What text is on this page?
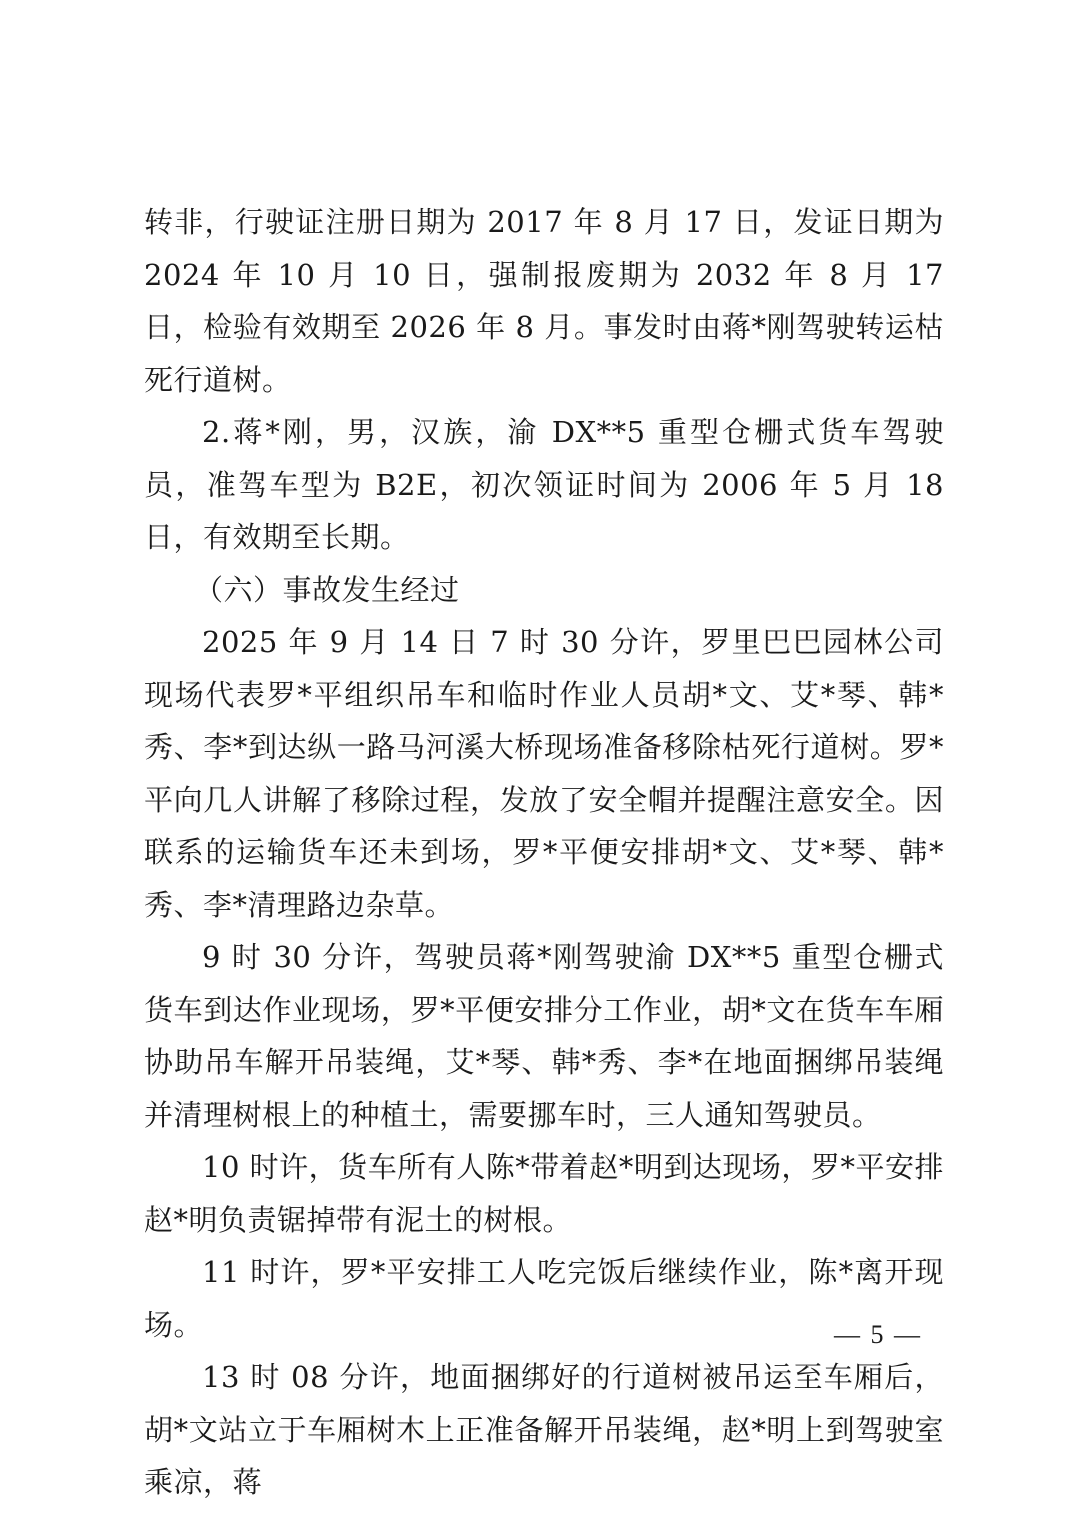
转非，行驶证注册日期为 2017 年 8 月 17 日，发证日期为 2024 年 10 月 10 日，强制报废期为 2032 年 8 月 17 日，检验有效期至 2026 年 8 月。事发时由蒋*刚驾驶转运枯死行道树。

2.蒋*刚，男，汉族，渝 DX**5 重型仓栅式货车驾驶员，准驾车型为 B2E，初次领证时间为 2006 年 5 月 18 日，有效期至长期。

（六）事故发生经过

2025 年 9 月 14 日 7 时 30 分许，罗里巴巴园林公司现场代表罗*平组织吊车和临时作业人员胡*文、艾*琴、韩*秀、李*到达纵一路马河溪大桥现场准备移除枯死行道树。罗*平向几人讲解了移除过程，发放了安全帽并提醒注意安全。因联系的运输货车还未到场，罗*平便安排胡*文、艾*琴、韩*秀、李*清理路边杂草。

9 时 30 分许，驾驶员蒋*刚驾驶渝 DX**5 重型仓栅式货车到达作业现场，罗*平便安排分工作业，胡*文在货车车厢协助吊车解开吊装绳，艾*琴、韩*秀、李*在地面捆绑吊装绳并清理树根上的种植土，需要挪车时，三人通知驾驶员。

10 时许，货车所有人陈*带着赵*明到达现场，罗*平安排赵*明负责锯掉带有泥土的树根。

11 时许，罗*平安排工人吃完饭后继续作业，陈*离开现场。

13 时 08 分许，地面捆绑好的行道树被吊运至车厢后，胡*文站立于车厢树木上正准备解开吊装绳，赵*明上到驾驶室乘凉，蒋

— 5 —
